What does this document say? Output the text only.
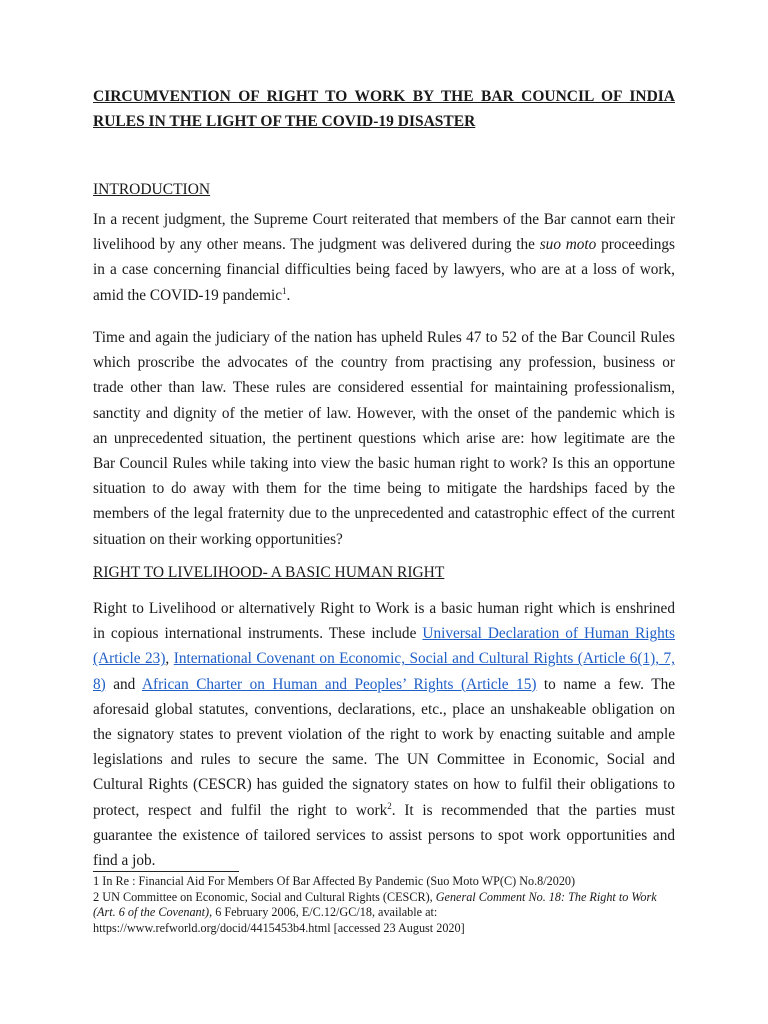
CIRCUMVENTION OF RIGHT TO WORK BY THE BAR COUNCIL OF INDIA RULES IN THE LIGHT OF THE COVID-19 DISASTER
INTRODUCTION

In a recent judgment, the Supreme Court reiterated that members of the Bar cannot earn their
livelihood by any other means. The judgment was delivered during the suo moto proceedings
in a case concerning financial difficulties being faced by lawyers, who are at a loss of work,
amid the COVID-19 pandemic$^1$.

Time and again the judiciary of the nation has upheld Rules 47 to 52 of the Bar Council Rules
which proscribe the advocates of the country from practising any profession, business or
trade other than law. These rules are considered essential for maintaining professionalism,
sanctity and dignity of the metier of law. However, with the onset of the pandemic which is
an unprecedented situation, the pertinent questions which arise are: how legitimate are the
Bar Council Rules while taking into view the basic human right to work? Is this an opportune
situation to do away with them for the time being to mitigate the hardships faced by the
members of the legal fraternity due to the unprecedented and catastrophic effect of the current
situation on their working opportunities?

RIGHT TO LIVELIHOOD- A BASIC HUMAN RIGHT

Right to Livelihood or alternatively Right to Work is a basic human right which is enshrined
in copious international instruments. These include Universal Declaration of Human Rights
(Article 23), International Covenant on Economic, Social and Cultural Rights (Article 6(1), 7,
8) and African Charter on Human and Peoples’ Rights (Article 15) to name a few. The
aforesaid global statutes, conventions, declarations, etc., place an unshakeable obligation on
the signatory states to prevent violation of the right to work by enacting suitable and ample
legislations and rules to secure the same. The UN Committee in Economic, Social and
Cultural Rights (CESCR) has guided the signatory states on how to fulfil their obligations to
protect, respect and fulfil the right to work$^2$. It is recommended that the parties must
guarantee the existence of tailored services to assist persons to spot work opportunities and
find a job.

1 In Re : Financial Aid For Members Of Bar Affected By Pandemic (Suo Moto WP(C) No.8/2020)

2 UN Committee on Economic, Social and Cultural Rights (CESCR), General Comment No. 18: The Right to Work (Art. 6 of the Covenant), 6 February 2006, E/C.12/GC/18, available at:
https://www.refworld.org/docid/4415453b4.html [accessed 23 August 2020]
